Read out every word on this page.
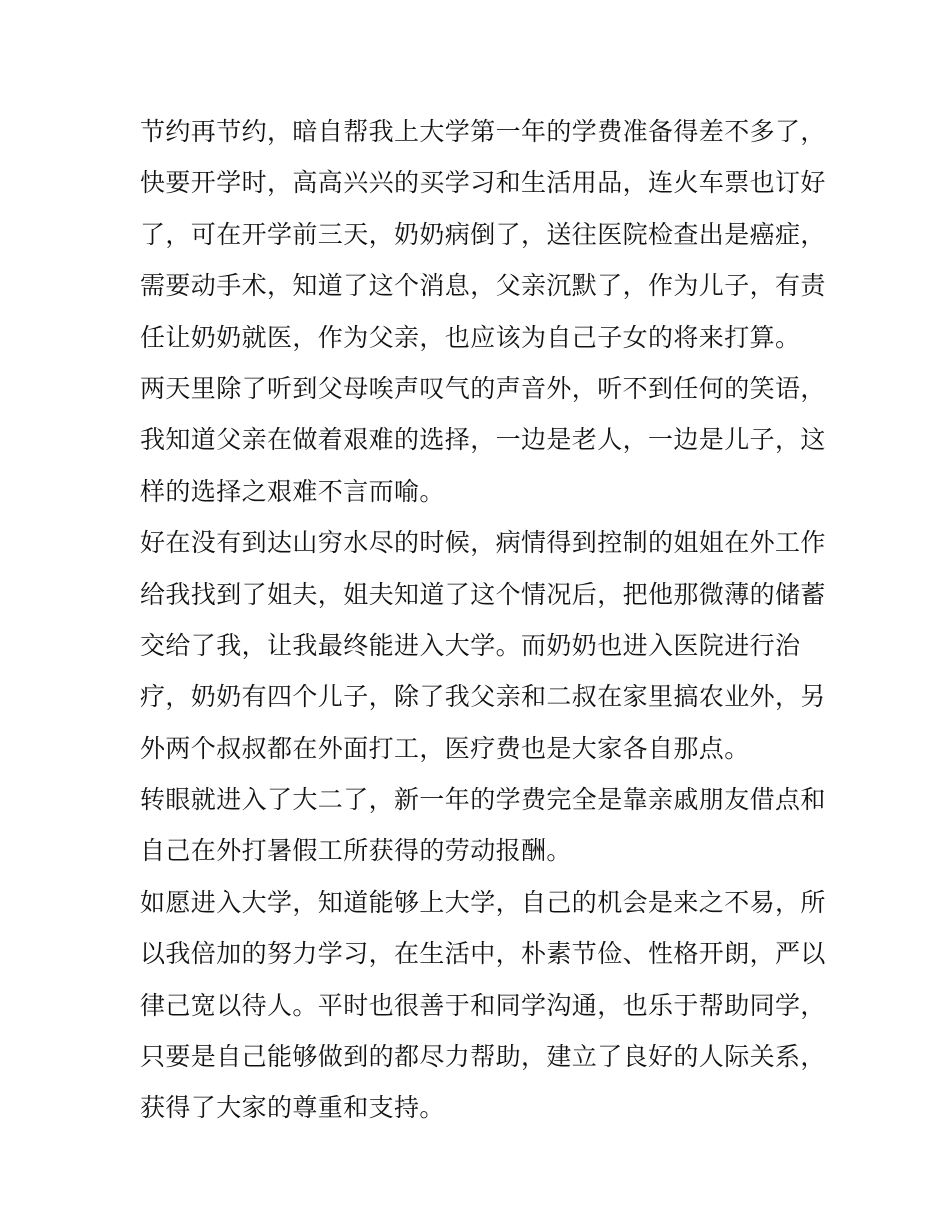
节约再节约，暗自帮我上大学第一年的学费准备得差不多了，
快要开学时，高高兴兴的买学习和生活用品，连火车票也订好
了，可在开学前三天，奶奶病倒了，送往医院检查出是癌症，
需要动手术，知道了这个消息，父亲沉默了，作为儿子，有责
任让奶奶就医，作为父亲，也应该为自己子女的将来打算。
两天里除了听到父母唉声叹气的声音外，听不到任何的笑语，
我知道父亲在做着艰难的选择，一边是老人，一边是儿子，这
样的选择之艰难不言而喻。
好在没有到达山穷水尽的时候，病情得到控制的姐姐在外工作
给我找到了姐夫，姐夫知道了这个情况后，把他那微薄的储蓄
交给了我，让我最终能进入大学。而奶奶也进入医院进行治
疗，奶奶有四个儿子，除了我父亲和二叔在家里搞农业外，另
外两个叔叔都在外面打工，医疗费也是大家各自那点。
转眼就进入了大二了，新一年的学费完全是靠亲戚朋友借点和
自己在外打暑假工所获得的劳动报酬。
如愿进入大学，知道能够上大学，自己的机会是来之不易，所
以我倍加的努力学习，在生活中，朴素节俭、性格开朗，严以
律己宽以待人。平时也很善于和同学沟通，也乐于帮助同学，
只要是自己能够做到的都尽力帮助，建立了良好的人际关系，
获得了大家的尊重和支持。
